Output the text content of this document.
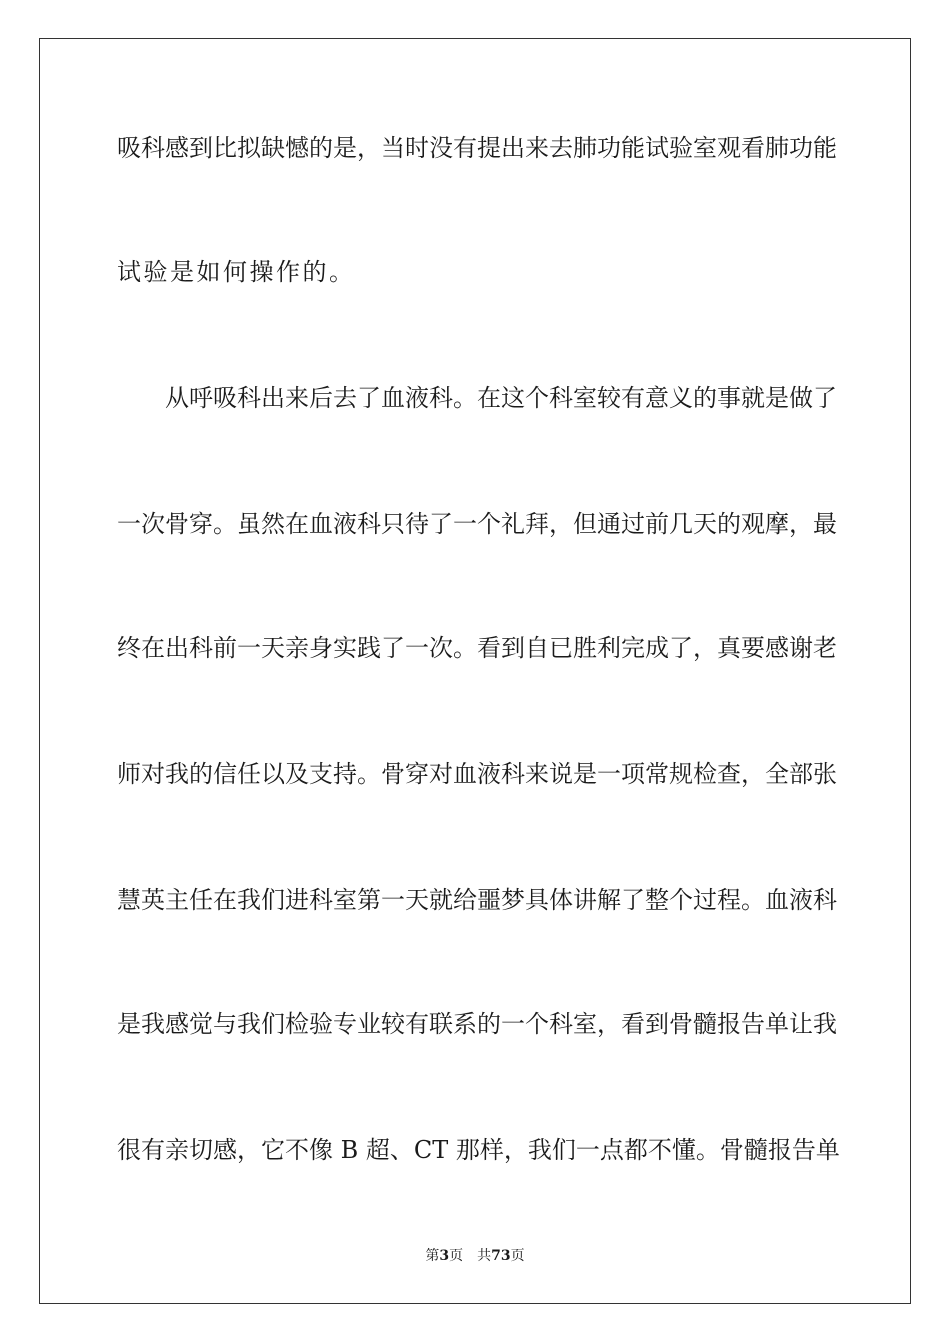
吸科感到比拟缺憾的是，当时没有提出来去肺功能试验室观看肺功能
试验是如何操作的。
从呼吸科出来后去了血液科。在这个科室较有意义的事就是做了
一次骨穿。虽然在血液科只待了一个礼拜，但通过前几天的观摩，最
终在出科前一天亲身实践了一次。看到自已胜利完成了，真要感谢老
师对我的信任以及支持。骨穿对血液科来说是一项常规检查，全部张
慧英主任在我们进科室第一天就给噩梦具体讲解了整个过程。血液科
是我感觉与我们检验专业较有联系的一个科室，看到骨髓报告单让我
很有亲切感，它不像 B 超、CT 那样，我们一点都不懂。骨髓报告单
第3页 共73页
